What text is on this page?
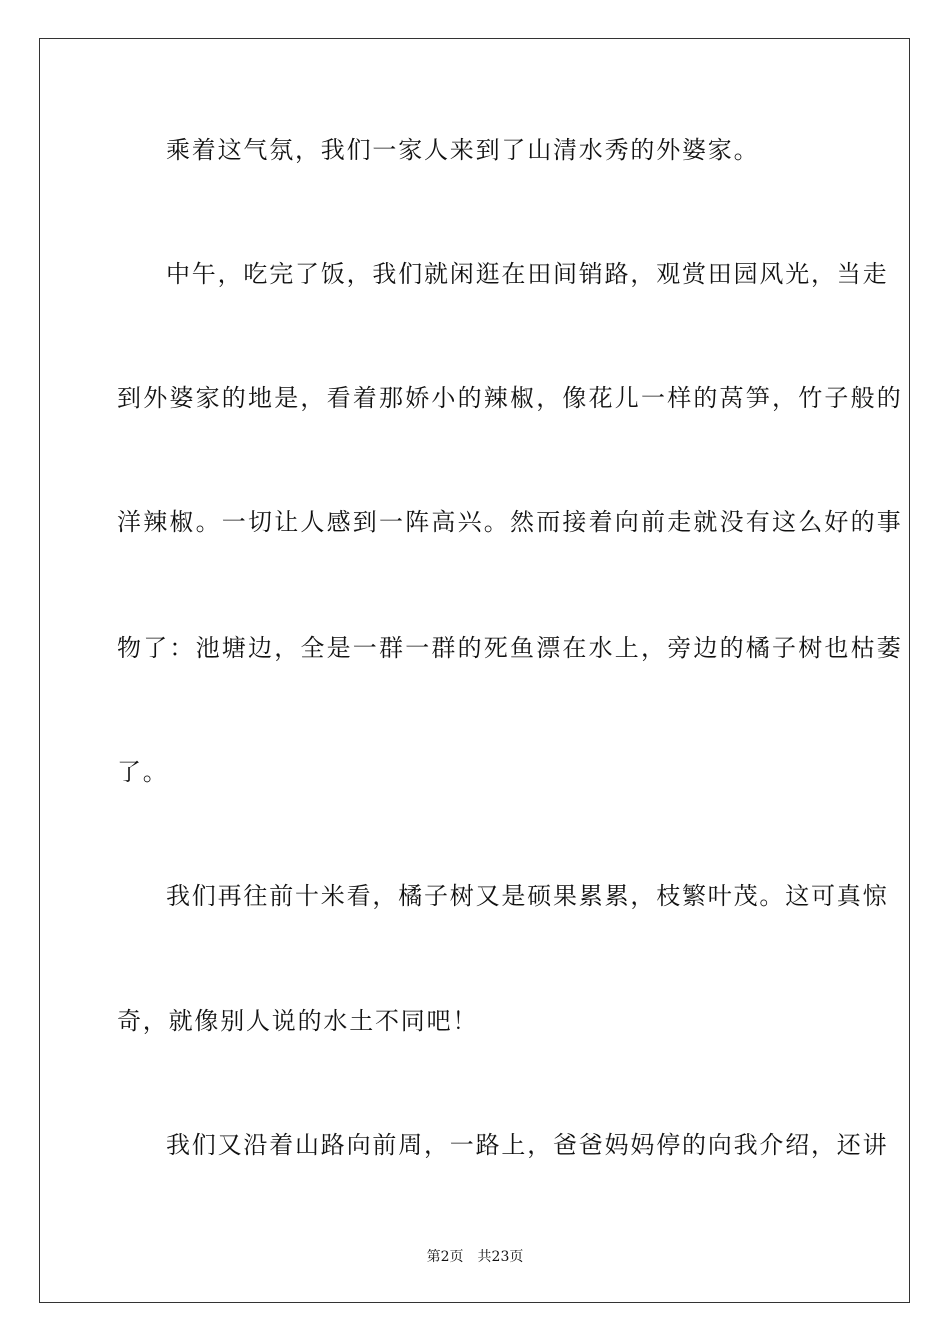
乘着这气氛，我们一家人来到了山清水秀的外婆家。
中午，吃完了饭，我们就闲逛在田间销路，观赏田园风光，当走
到外婆家的地是，看着那娇小的辣椒，像花儿一样的莴笋，竹子般的
洋辣椒。一切让人感到一阵高兴。然而接着向前走就没有这么好的事
物了：池塘边，全是一群一群的死鱼漂在水上，旁边的橘子树也枯萎
了。
我们再往前十米看，橘子树又是硕果累累，枝繁叶茂。这可真惊
奇，就像别人说的水土不同吧！
我们又沿着山路向前周，一路上，爸爸妈妈停的向我介绍，还讲
第2页 共23页
